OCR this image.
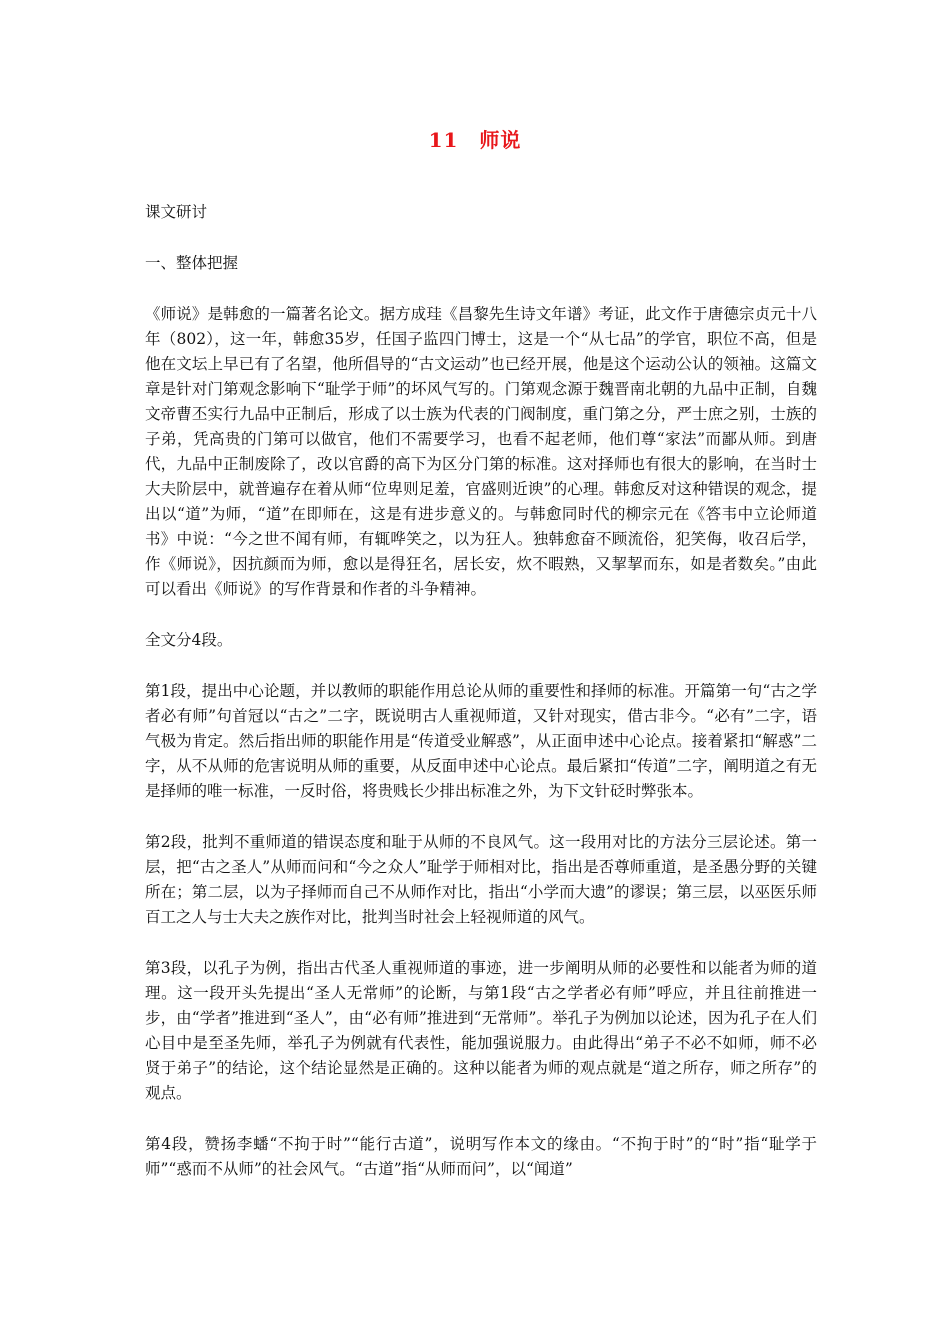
11　师说

课文研讨

一、整体把握

《师说》是韩愈的一篇著名论文。据方成珪《昌黎先生诗文年谱》考证，此文作于唐德宗贞元十八年（802），这一年，韩愈35岁，任国子监四门博士，这是一个“从七品”的学官，职位不高，但是他在文坛上早已有了名望，他所倡导的“古文运动”也已经开展，他是这个运动公认的领袖。这篇文章是针对门第观念影响下“耻学于师”的坏风气写的。门第观念源于魏晋南北朝的九品中正制，自魏文帝曹丕实行九品中正制后，形成了以士族为代表的门阀制度，重门第之分，严士庶之别，士族的子弟，凭高贵的门第可以做官，他们不需要学习，也看不起老师，他们尊“家法”而鄙从师。到唐代，九品中正制废除了，改以官爵的高下为区分门第的标准。这对择师也有很大的影响，在当时士大夫阶层中，就普遍存在着从师“位卑则足羞，官盛则近谀”的心理。韩愈反对这种错误的观念，提出以“道”为师，“道”在即师在，这是有进步意义的。与韩愈同时代的柳宗元在《答韦中立论师道书》中说：“今之世不闻有师，有辄哗笑之，以为狂人。独韩愈奋不顾流俗，犯笑侮，收召后学，作《师说》，因抗颜而为师，愈以是得狂名，居长安，炊不暇熟，又挈挈而东，如是者数矣。”由此可以看出《师说》的写作背景和作者的斗争精神。

全文分4段。

第1段，提出中心论题，并以教师的职能作用总论从师的重要性和择师的标准。开篇第一句“古之学者必有师”句首冠以“古之”二字，既说明古人重视师道，又针对现实，借古非今。“必有”二字，语气极为肯定。然后指出师的职能作用是“传道受业解惑”，从正面申述中心论点。接着紧扣“解惑”二字，从不从师的危害说明从师的重要，从反面申述中心论点。最后紧扣“传道”二字，阐明道之有无是择师的唯一标准，一反时俗，将贵贱长少排出标准之外，为下文针砭时弊张本。

第2段，批判不重师道的错误态度和耻于从师的不良风气。这一段用对比的方法分三层论述。第一层，把“古之圣人”从师而问和“今之众人”耻学于师相对比，指出是否尊师重道，是圣愚分野的关键所在；第二层，以为子择师而自己不从师作对比，指出“小学而大遗”的谬误；第三层，以巫医乐师百工之人与士大夫之族作对比，批判当时社会上轻视师道的风气。

第3段，以孔子为例，指出古代圣人重视师道的事迹，进一步阐明从师的必要性和以能者为师的道理。这一段开头先提出“圣人无常师”的论断，与第1段“古之学者必有师”呼应，并且往前推进一步，由“学者”推进到“圣人”，由“必有师”推进到“无常师”。举孔子为例加以论述，因为孔子在人们心目中是至圣先师，举孔子为例就有代表性，能加强说服力。由此得出“弟子不必不如师，师不必贤于弟子”的结论，这个结论显然是正确的。这种以能者为师的观点就是“道之所存，师之所存”的观点。

第4段，赞扬李蟠“不拘于时”“能行古道”，说明写作本文的缘由。“不拘于时”的“时”指“耻学于师”“惑而不从师”的社会风气。“古道”指“从师而问”，以“闻道”
